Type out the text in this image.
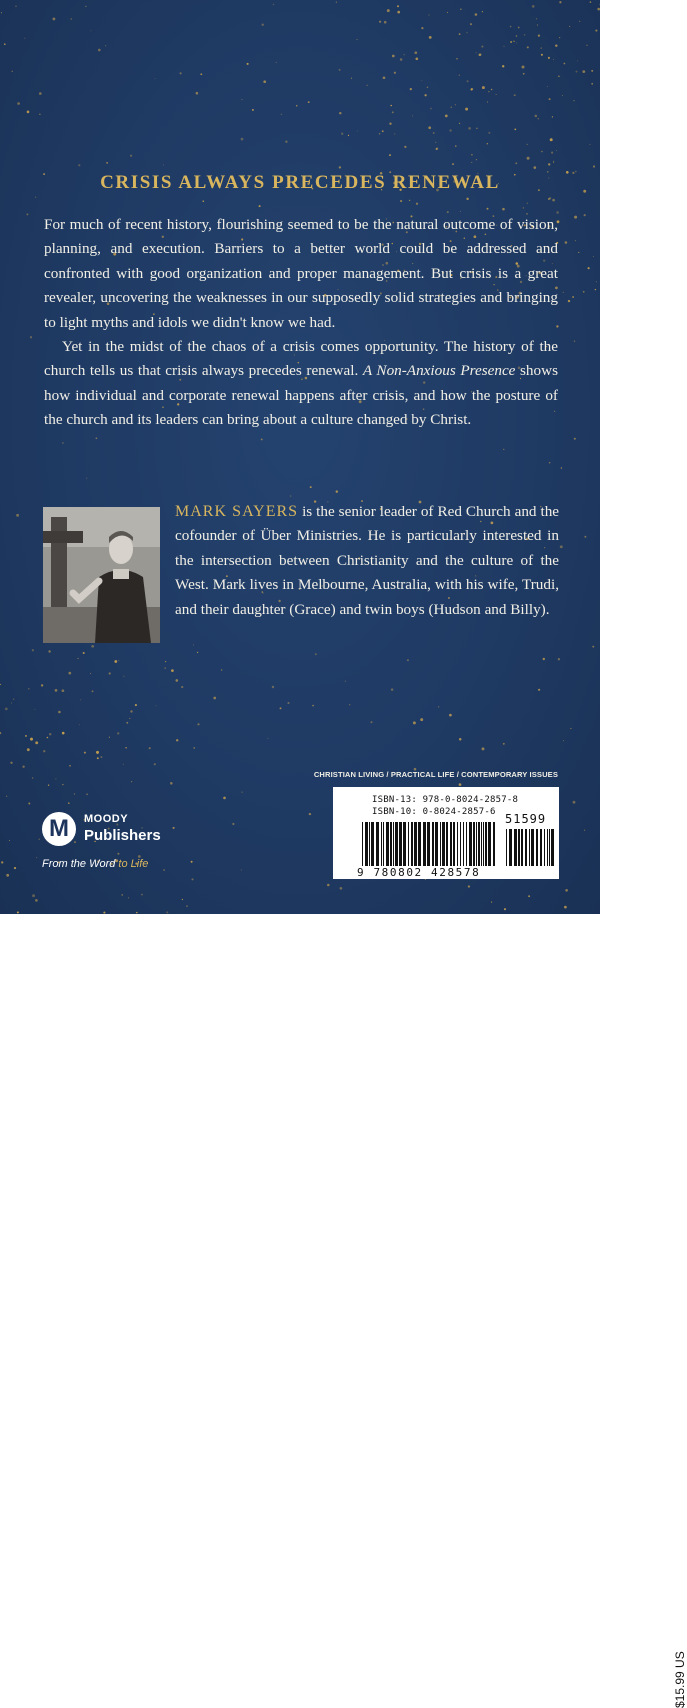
CRISIS ALWAYS PRECEDES RENEWAL

For much of recent history, flourishing seemed to be the natural outcome of vision, planning, and execution. Barriers to a better world could be addressed and confronted with good organization and proper management. But crisis is a great revealer, uncovering the weaknesses in our supposedly solid strategies and bringing to light myths and idols we didn't know we had.

Yet in the midst of the chaos of a crisis comes opportunity. The history of the church tells us that crisis always precedes renewal. A Non-Anxious Presence shows how individual and corporate renewal happens after crisis, and how the posture of the church and its leaders can bring about a culture changed by Christ.

MARK SAYERS is the senior leader of Red Church and the cofounder of Über Ministries. He is particularly interested in the intersection between Christianity and the culture of the West. Mark lives in Melbourne, Australia, with his wife, Trudi, and their daughter (Grace) and twin boys (Hudson and Billy).
CHRISTIAN LIVING / PRACTICAL LIFE / CONTEMPORARY ISSUES
M	MOODY
Publishers
From the Word to Life
$15.99 US
ISBN-13: 978-0-8024-2857-8
ISBN-10: 0-8024-2857-6 51599
9 780802 428578
